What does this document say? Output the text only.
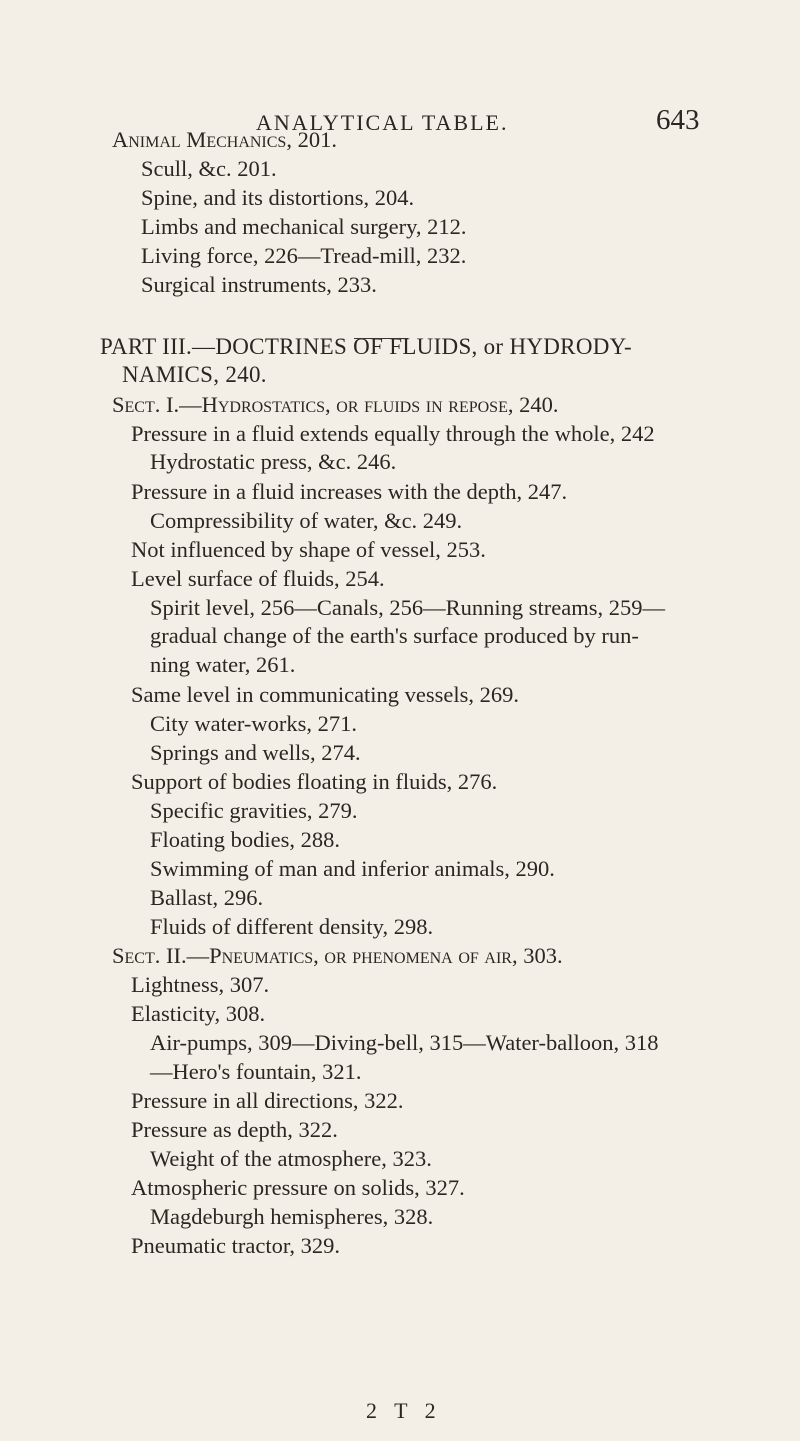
ANALYTICAL TABLE.	643
Animal Mechanics, 201.
Scull, &c. 201.
Spine, and its distortions, 204.
Limbs and mechanical surgery, 212.
Living force, 226—Tread-mill, 232.
Surgical instruments, 233.
PART III.—DOCTRINES OF FLUIDS, or HYDRODY-
NAMICS, 240.
Sect. I.—Hydrostatics, or fluids in repose, 240.
Pressure in a fluid extends equally through the whole, 242
Hydrostatic press, &c. 246.
Pressure in a fluid increases with the depth, 247.
Compressibility of water, &c. 249.
Not influenced by shape of vessel, 253.
Level surface of fluids, 254.
Spirit level, 256—Canals, 256—Running streams, 259—
gradual change of the earth's surface produced by run-
ning water, 261.
Same level in communicating vessels, 269.
City water-works, 271.
Springs and wells, 274.
Support of bodies floating in fluids, 276.
Specific gravities, 279.
Floating bodies, 288.
Swimming of man and inferior animals, 290.
Ballast, 296.
Fluids of different density, 298.
Sect. II.—Pneumatics, or phenomena of air, 303.
Lightness, 307.
Elasticity, 308.
Air-pumps, 309—Diving-bell, 315—Water-balloon, 318
—Hero's fountain, 321.
Pressure in all directions, 322.
Pressure as depth, 322.
Weight of the atmosphere, 323.
Atmospheric pressure on solids, 327.
Magdeburgh hemispheres, 328.
Pneumatic tractor, 329.
2 T 2
